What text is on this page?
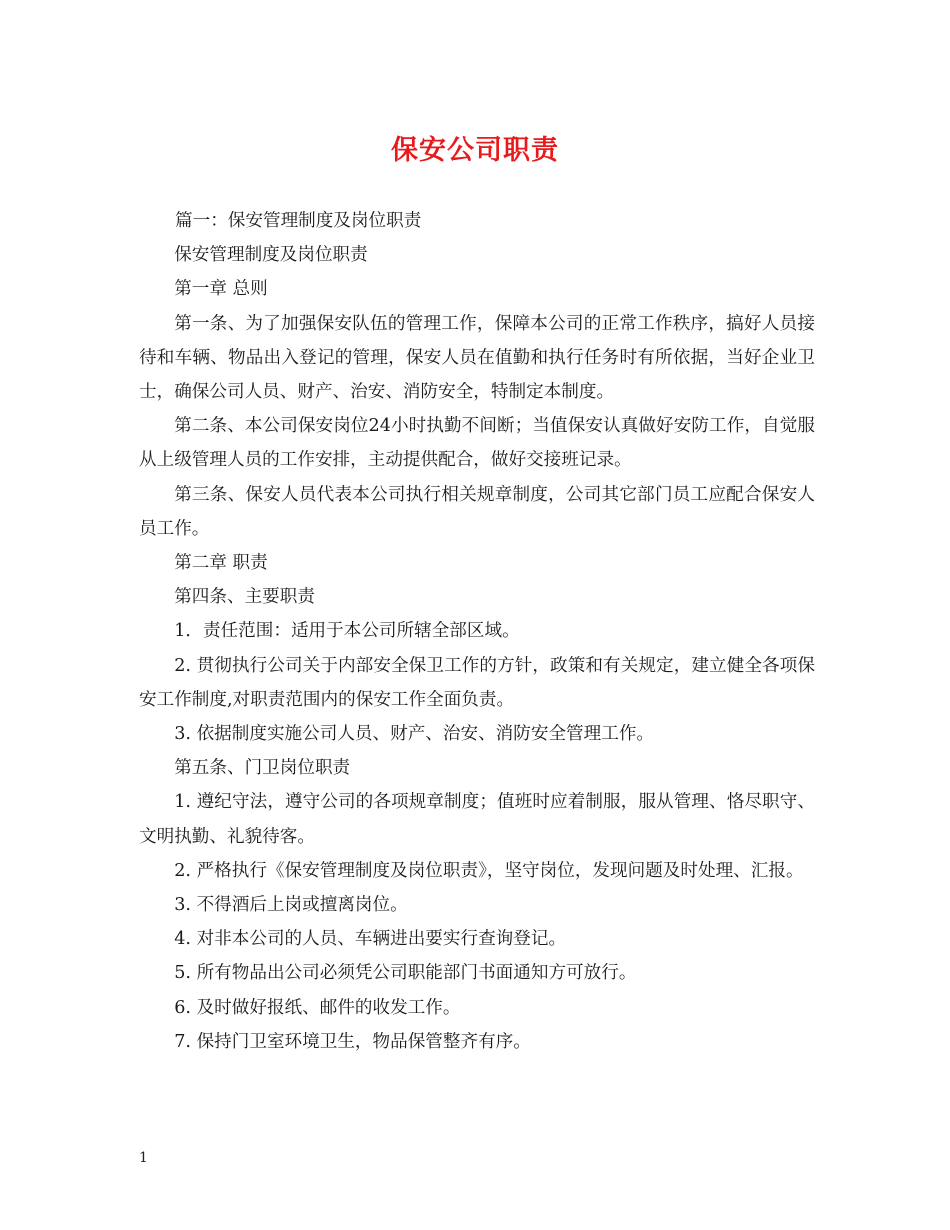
保安公司职责

篇一：保安管理制度及岗位职责

保安管理制度及岗位职责

第一章 总则

第一条、为了加强保安队伍的管理工作，保障本公司的正常工作秩序，搞好人员接待和车辆、物品出入登记的管理，保安人员在值勤和执行任务时有所依据，当好企业卫士，确保公司人员、财产、治安、消防安全，特制定本制度。

第二条、本公司保安岗位24小时执勤不间断；当值保安认真做好安防工作，自觉服从上级管理人员的工作安排，主动提供配合，做好交接班记录。

第三条、保安人员代表本公司执行相关规章制度，公司其它部门员工应配合保安人员工作。

第二章 职责

第四条、主要职责

1．责任范围：适用于本公司所辖全部区域。

2. 贯彻执行公司关于内部安全保卫工作的方针，政策和有关规定，建立健全各项保安工作制度,对职责范围内的保安工作全面负责。

3. 依据制度实施公司人员、财产、治安、消防安全管理工作。

第五条、门卫岗位职责

1. 遵纪守法，遵守公司的各项规章制度；值班时应着制服，服从管理、恪尽职守、文明执勤、礼貌待客。

2. 严格执行《保安管理制度及岗位职责》，坚守岗位，发现问题及时处理、汇报。

3. 不得酒后上岗或擅离岗位。

4. 对非本公司的人员、车辆进出要实行查询登记。

5. 所有物品出公司必须凭公司职能部门书面通知方可放行。

6. 及时做好报纸、邮件的收发工作。

7. 保持门卫室环境卫生，物品保管整齐有序。

1
